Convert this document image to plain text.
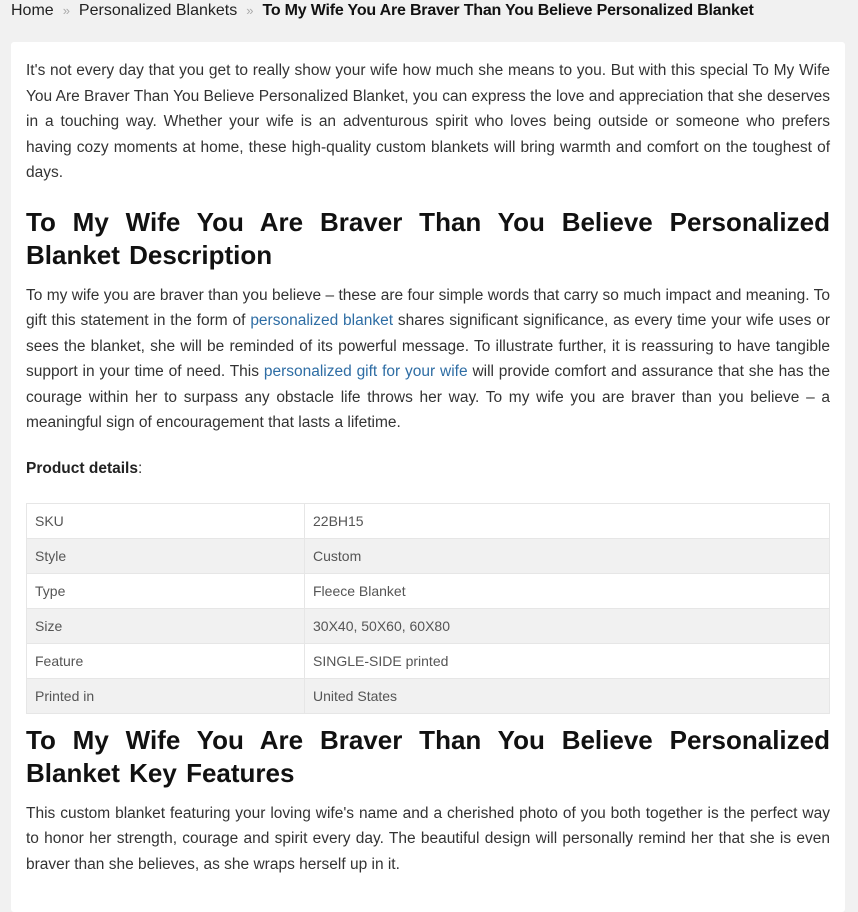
Home » Personalized Blankets » To My Wife You Are Braver Than You Believe Personalized Blanket

It's not every day that you get to really show your wife how much she means to you. But with this special To My Wife You Are Braver Than You Believe Personalized Blanket, you can express the love and appreciation that she deserves in a touching way. Whether your wife is an adventurous spirit who loves being outside or someone who prefers having cozy moments at home, these high-quality custom blankets will bring warmth and comfort on the toughest of days.

To My Wife You Are Braver Than You Believe Personalized Blanket Description

To my wife you are braver than you believe – these are four simple words that carry so much impact and meaning. To gift this statement in the form of personalized blanket shares significant significance, as every time your wife uses or sees the blanket, she will be reminded of its powerful message. To illustrate further, it is reassuring to have tangible support in your time of need. This personalized gift for your wife will provide comfort and assurance that she has the courage within her to surpass any obstacle life throws her way. To my wife you are braver than you believe – a meaningful sign of encouragement that lasts a lifetime.

Product details:
SKU	22BH15
Style	Custom
Type	Fleece Blanket
Size	30X40, 50X60, 60X80
Feature	SINGLE-SIDE printed
Printed in	United States
To My Wife You Are Braver Than You Believe Personalized Blanket Key Features

This custom blanket featuring your loving wife's name and a cherished photo of you both together is the perfect way to honor her strength, courage and spirit every day. The beautiful design will personally remind her that she is even braver than she believes, as she wraps herself up in it.
